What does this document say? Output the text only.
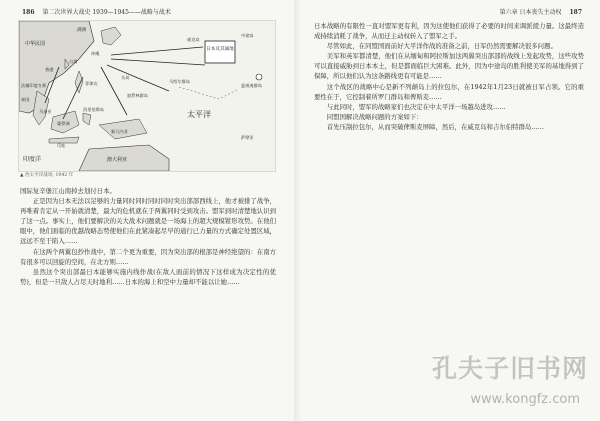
186 第二次世界大战史 1939—1945——战略与战术
日本及其属地
中华民国
满洲
香港
法属印度支那
泰国
台湾
冲绳
菲律宾
威克岛
中途岛
关岛
马绍尔群岛
加罗林群岛
马来亚
婆罗洲
西里伯斯岛
爪哇
新几内亚
印度洋
太平洋
澳大利亚
夏威夷群岛
萨摩亚
▲ 西太平洋战场, 1942 年

国际复辛堡江山南掉去划付日本。

正是因为日本无法以足够的力量同时同时同时同时突出部部西线上，他才被排了战争，再唯着肯定从一开始就清楚，最大的危机就在于两翼同时受到攻击。盟军到时清楚地认识到了这一点。事实上，他们要解决的关大战术问题就是一场海上的超大规模钳形攻势。在他们眼中，他们面临的优越战略态势使他们在此紧凑起尽早的通行已力量的方式确定处置区域，远远不至于陷入……

在这两个两翼包抄作战中，第二个更为重要，因为突出部的根部是神经绝望的：在南方有很多可以回旋的空间，在北方则……

虽然这个突出部最日本能够实施内线作战(在敌人面前的情况下这样成为决定性的优势)，但是一旦敌人占尽天时地利……日本的海上和空中力量却不能以让她……

第六章 日本丧失主动权 187

日本战略的有限性一直对盟军更有利，因为这使他们获得了必要的时间来调派援力量。这最终造成持续消耗了战争，从而迁主动权转入了盟军之手。

尽管如此，在同盟国面前好大平洋作战的准备之前，日军仍然需要解决很多问题。

美军和英军都清楚，他们在从缅甸和阿拉斯加这两翼突出部部的战线上发起攻势，这些攻势可以直接威胁到日本本土，但是都面临巨大困难。此外，因为中途岛的胜利使美军的基地得到了保障，所以他们认为这条路线更有可能是……

这个战区的战略中心是新不列颠岛上的拉包尔，在1942年1月23日就被日军占领。它的重要性在于，它控制着所罗门群岛和俾斯麦……

与此同时，盟军的战略家们也决定在中太平洋一场越岛进攻……

同盟国解决战略问题的方案如下：

首先压制拉包尔，从而突破俾斯麦屏障，然后，在威克岛和吉尔伯特群岛……

孔夫子旧书网
www.kongfz.com
